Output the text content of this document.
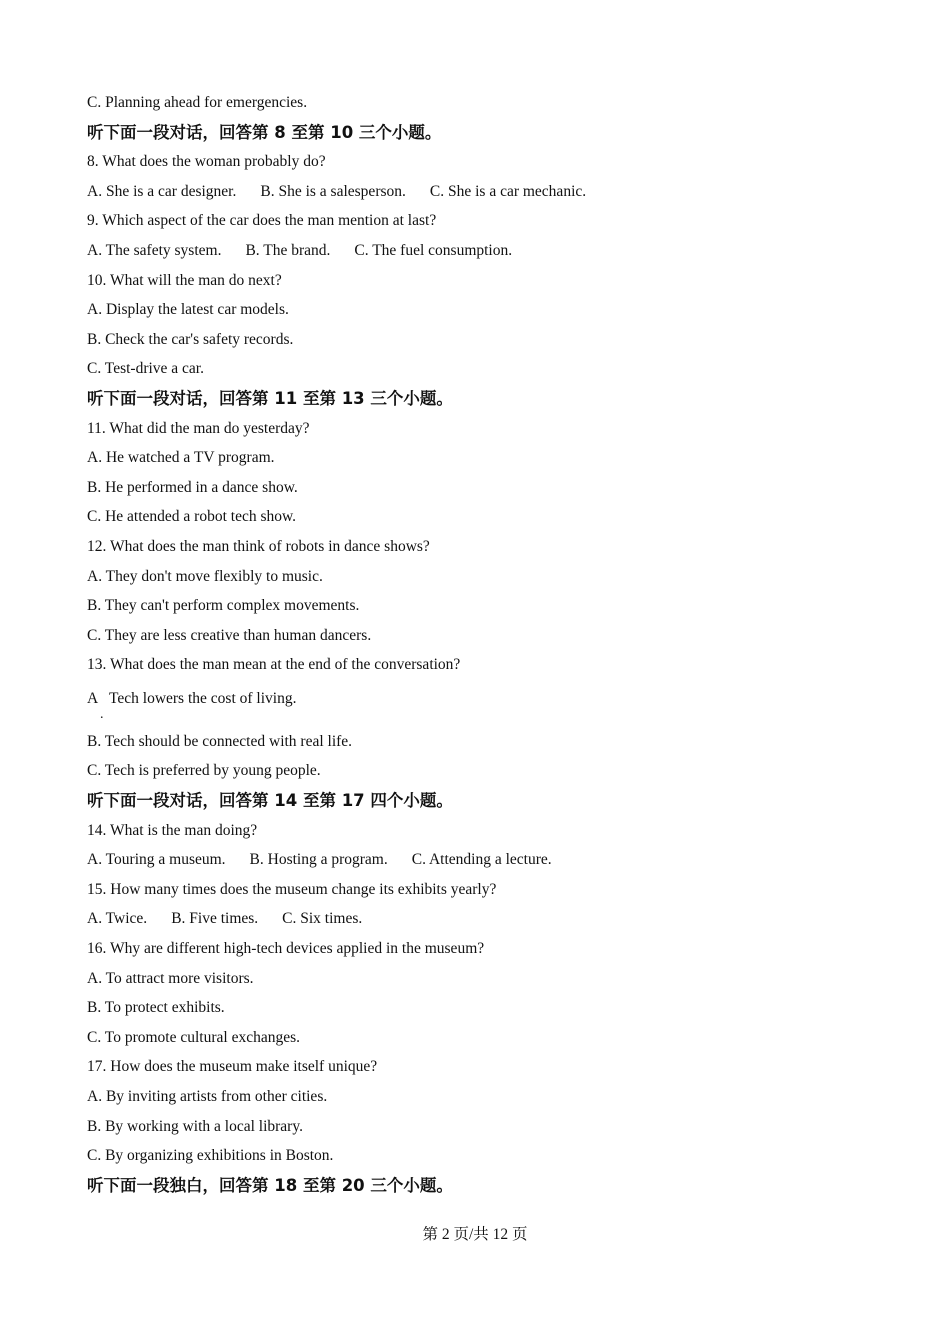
C. Planning ahead for emergencies.
听下面一段对话，回答第 8 至第 10 三个小题。
8. What does the woman probably do?
A. She is a car designer. B. She is a salesperson. C. She is a car mechanic.
9. Which aspect of the car does the man mention at last?
A. The safety system. B. The brand. C. The fuel consumption.
10. What will the man do next?
A. Display the latest car models.
B. Check the car's safety records.
C. Test-drive a car.
听下面一段对话，回答第 11 至第 13 三个小题。
11. What did the man do yesterday?
A. He watched a TV program.
B. He performed in a dance show.
C. He attended a robot tech show.
12. What does the man think of robots in dance shows?
A. They don't move flexibly to music.
B. They can't perform complex movements.
C. They are less creative than human dancers.
13. What does the man mean at the end of the conversation?
A
.
Tech lowers the cost of living.
B. Tech should be connected with real life.
C. Tech is preferred by young people.
听下面一段对话，回答第 14 至第 17 四个小题。
14. What is the man doing?
A. Touring a museum. B. Hosting a program. C. Attending a lecture.
15. How many times does the museum change its exhibits yearly?
A. Twice. B. Five times. C. Six times.
16. Why are different high-tech devices applied in the museum?
A. To attract more visitors.
B. To protect exhibits.
C. To promote cultural exchanges.
17. How does the museum make itself unique?
A. By inviting artists from other cities.
B. By working with a local library.
C. By organizing exhibitions in Boston.
听下面一段独白，回答第 18 至第 20 三个小题。
第 2 页/共 12 页
